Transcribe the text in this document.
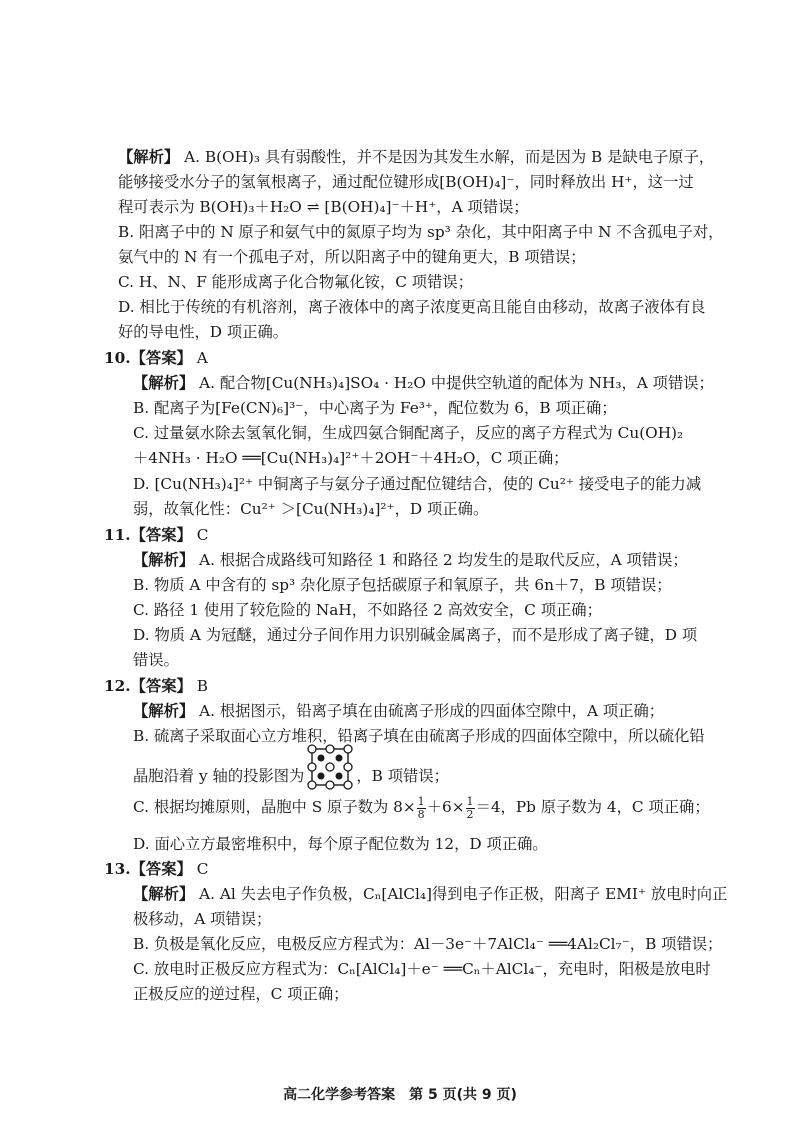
【解析】 A. B(OH)₃ 具有弱酸性，并不是因为其发生水解，而是因为 B 是缺电子原子，
能够接受水分子的氢氧根离子，通过配位键形成[B(OH)₄]⁻，同时释放出 H⁺，这一过
程可表示为 B(OH)₃＋H₂O ⇌ [B(OH)₄]⁻＋H⁺，A 项错误；
B. 阳离子中的 N 原子和氨气中的氮原子均为 sp³ 杂化，其中阳离子中 N 不含孤电子对，
氨气中的 N 有一个孤电子对，所以阳离子中的键角更大，B 项错误；
C. H、N、F 能形成离子化合物氟化铵，C 项错误；
D. 相比于传统的有机溶剂，离子液体中的离子浓度更高且能自由移动，故离子液体有良
好的导电性，D 项正确。
10.【答案】 A
【解析】 A. 配合物[Cu(NH₃)₄]SO₄ · H₂O 中提供空轨道的配体为 NH₃，A 项错误；
B. 配离子为[Fe(CN)₆]³⁻，中心离子为 Fe³⁺，配位数为 6，B 项正确；
C. 过量氨水除去氢氧化铜，生成四氨合铜配离子，反应的离子方程式为 Cu(OH)₂
＋4NH₃ · H₂O ══[Cu(NH₃)₄]²⁺＋2OH⁻＋4H₂O，C 项正确；
D. [Cu(NH₃)₄]²⁺ 中铜离子与氨分子通过配位键结合，使的 Cu²⁺ 接受电子的能力减
弱，故氧化性：Cu²⁺ ＞[Cu(NH₃)₄]²⁺，D 项正确。
11.【答案】 C
【解析】 A. 根据合成路线可知路径 1 和路径 2 均发生的是取代反应，A 项错误；
B. 物质 A 中含有的 sp³ 杂化原子包括碳原子和氧原子，共 6n＋7，B 项错误；
C. 路径 1 使用了较危险的 NaH，不如路径 2 高效安全，C 项正确；
D. 物质 A 为冠醚，通过分子间作用力识别碱金属离子，而不是形成了离子键，D 项
错误。
12.【答案】 B
【解析】 A. 根据图示，铅离子填在由硫离子形成的四面体空隙中，A 项正确；
B. 硫离子采取面心立方堆积，铅离子填在由硫离子形成的四面体空隙中，所以硫化铅
晶胞沿着 y 轴的投影图为	，B 项错误；
C. 根据均摊原则，晶胞中 S 原子数为 $8\times \frac{1}{8} +6\times \frac{1}{2} =4$，Pb 原子数为 4，C 项正确；
D. 面心立方最密堆积中，每个原子配位数为 12，D 项正确。
13.【答案】 C
【解析】 A. Al 失去电子作负极，Cₙ[AlCl₄]得到电子作正极，阳离子 EMI⁺ 放电时向正
极移动，A 项错误；
B. 负极是氧化反应，电极反应方程式为：Al－3e⁻＋7AlCl₄⁻ ══4Al₂Cl₇⁻，B 项错误；
C. 放电时正极反应方程式为：Cₙ[AlCl₄]＋e⁻ ══Cₙ＋AlCl₄⁻，充电时，阳极是放电时
正极反应的逆过程，C 项正确；
高二化学参考答案　第 5 页(共 9 页)
